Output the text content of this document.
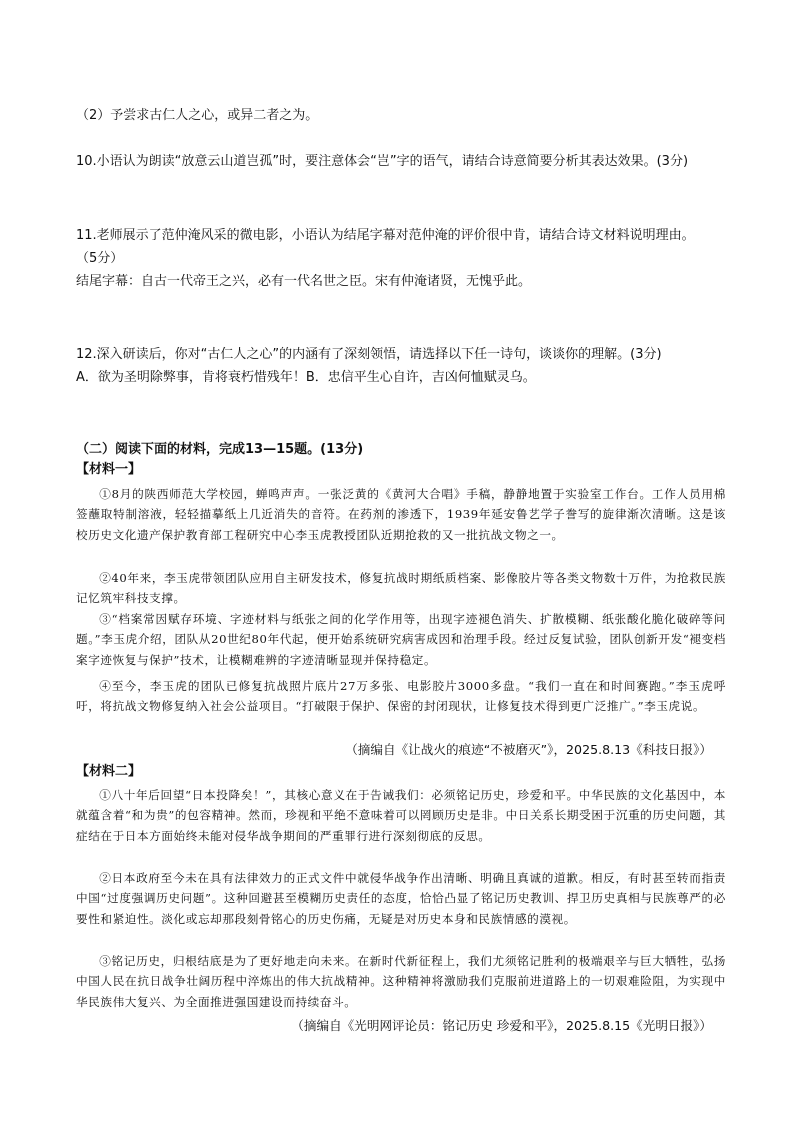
（2）予尝求古仁人之心，或异二者之为。

10.小语认为朗读“放意云山道岂孤”时，要注意体会“岂”字的语气，请结合诗意简要分析其表达效果。(3分)

11.老师展示了范仲淹风采的微电影，小语认为结尾字幕对范仲淹的评价很中肯，请结合诗文材料说明理由。
（5分）
结尾字幕：自古一代帝王之兴，必有一代名世之臣。宋有仲淹诸贤，无愧乎此。
12.深入研读后，你对“古仁人之心”的内涵有了深刻领悟，请选择以下任一诗句，谈谈你的理解。(3分)
A．欲为圣明除弊事，肯将衰朽惜残年！B．忠信平生心自许，吉凶何恤赋灵乌。

（二）阅读下面的材料，完成13—15题。(13分)

【材料一】

①8月的陕西师范大学校园，蝉鸣声声。一张泛黄的《黄河大合唱》手稿，静静地置于实验室工作台。工作人员用棉签蘸取特制溶液，轻轻描摹纸上几近消失的音符。在药剂的渗透下，1939年延安鲁艺学子誊写的旋律渐次清晰。这是该校历史文化遗产保护教育部工程研究中心李玉虎教授团队近期抢救的又一批抗战文物之一。

②40年来，李玉虎带领团队应用自主研发技术，修复抗战时期纸质档案、影像胶片等各类文物数十万件，为抢救民族记忆筑牢科技支撑。

③“档案常因赋存环境、字迹材料与纸张之间的化学作用等，出现字迹褪色消失、扩散模糊、纸张酸化脆化破碎等问题。”李玉虎介绍，团队从20世纪80年代起，便开始系统研究病害成因和治理手段。经过反复试验，团队创新开发“褪变档案字迹恢复与保护”技术，让模糊难辨的字迹清晰显现并保持稳定。

④至今，李玉虎的团队已修复抗战照片底片27万多张、电影胶片3000多盘。“我们一直在和时间赛跑。”李玉虎呼吁，将抗战文物修复纳入社会公益项目。“打破限于保护、保密的封闭现状，让修复技术得到更广泛推广。”李玉虎说。

（摘编自《让战火的痕迹“不被磨灭”》，2025.8.13《科技日报》）

【材料二】

①八十年后回望“日本投降矣！”，其核心意义在于告诫我们：必须铭记历史，珍爱和平。中华民族的文化基因中，本就蕴含着“和为贵”的包容精神。然而，珍视和平绝不意味着可以罔顾历史是非。中日关系长期受困于沉重的历史问题，其症结在于日本方面始终未能对侵华战争期间的严重罪行进行深刻彻底的反思。

②日本政府至今未在具有法律效力的正式文件中就侵华战争作出清晰、明确且真诚的道歉。相反，有时甚至转而指责中国“过度强调历史问题”。这种回避甚至模糊历史责任的态度，恰恰凸显了铭记历史教训、捍卫历史真相与民族尊严的必要性和紧迫性。淡化或忘却那段刻骨铭心的历史伤痛，无疑是对历史本身和民族情感的漠视。

③铭记历史，归根结底是为了更好地走向未来。在新时代新征程上，我们尤须铭记胜利的极端艰辛与巨大牺牲，弘扬中国人民在抗日战争壮阔历程中淬炼出的伟大抗战精神。这种精神将激励我们克服前进道路上的一切艰难险阻，为实现中华民族伟大复兴、为全面推进强国建设而持续奋斗。

（摘编自《光明网评论员：铭记历史 珍爱和平》，2025.8.15《光明日报》）
